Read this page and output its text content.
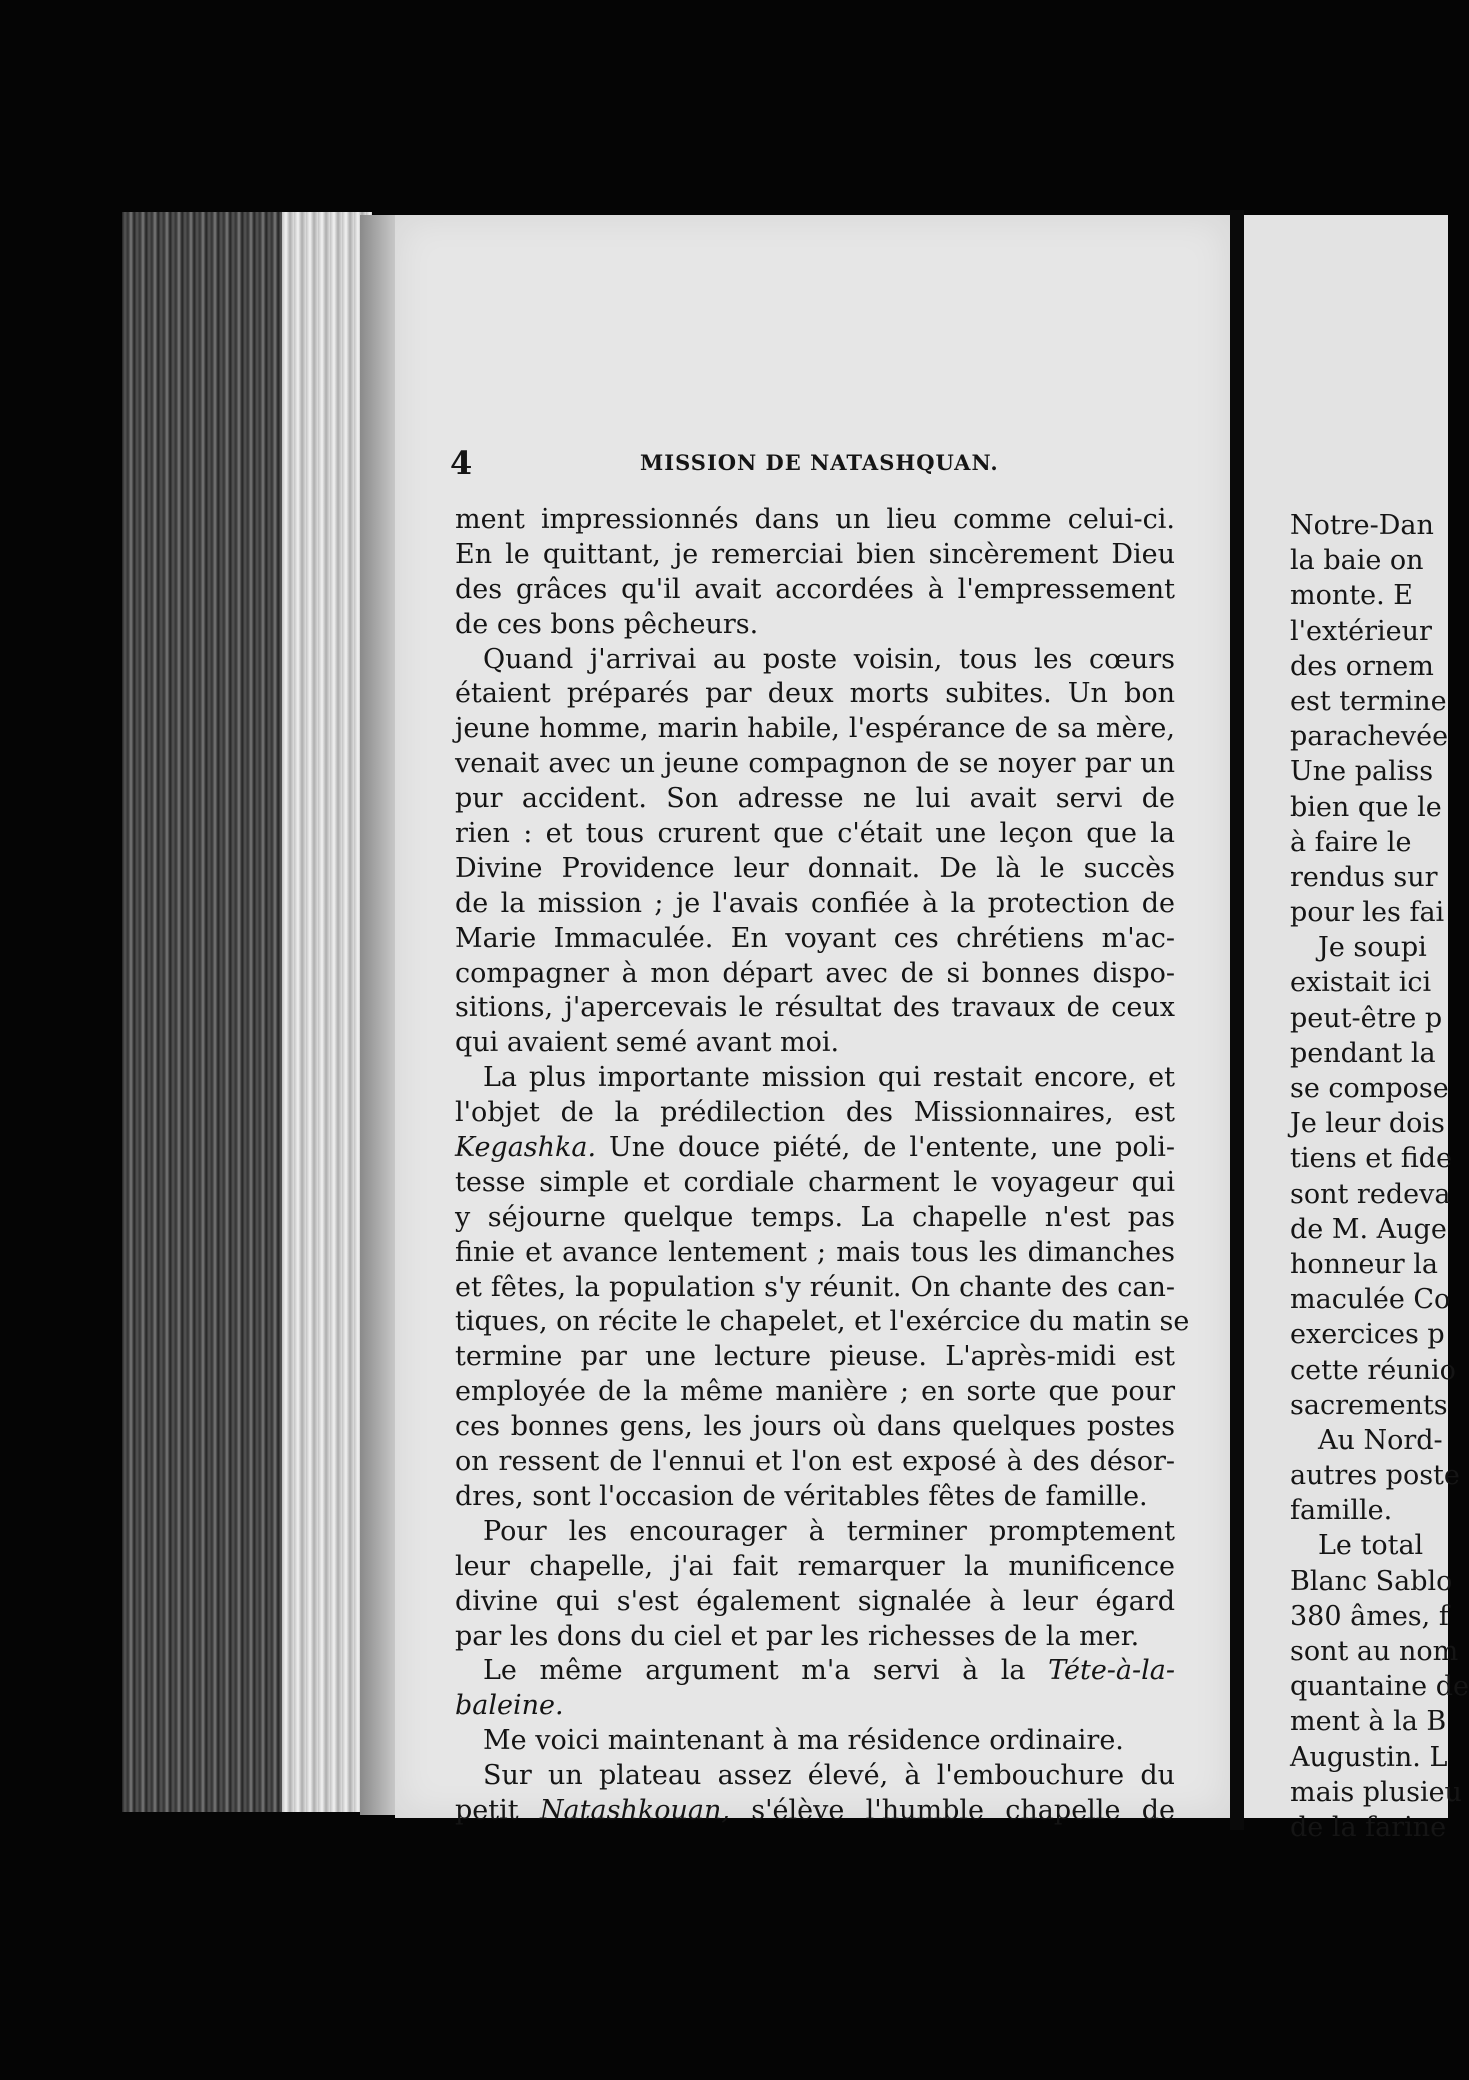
4	MISSION DE NATASHQUAN.
ment impressionnés dans un lieu comme celui-ci.
En le quittant, je remerciai bien sincèrement Dieu
des grâces qu'il avait accordées à l'empressement
de ces bons pêcheurs.
Quand j'arrivai au poste voisin, tous les cœurs
étaient préparés par deux morts subites. Un bon
jeune homme, marin habile, l'espérance de sa mère,
venait avec un jeune compagnon de se noyer par un
pur accident. Son adresse ne lui avait servi de
rien : et tous crurent que c'était une leçon que la
Divine Providence leur donnait. De là le succès
de la mission ; je l'avais confiée à la protection de
Marie Immaculée. En voyant ces chrétiens m'ac-
compagner à mon départ avec de si bonnes dispo-
sitions, j'apercevais le résultat des travaux de ceux
qui avaient semé avant moi.
La plus importante mission qui restait encore, et
l'objet de la prédilection des Missionnaires, est
Kegashka. Une douce piété, de l'entente, une poli-
tesse simple et cordiale charment le voyageur qui
y séjourne quelque temps. La chapelle n'est pas
finie et avance lentement ; mais tous les dimanches
et fêtes, la population s'y réunit. On chante des can-
tiques, on récite le chapelet, et l'exércice du matin se
termine par une lecture pieuse. L'après-midi est
employée de la même manière ; en sorte que pour
ces bonnes gens, les jours où dans quelques postes
on ressent de l'ennui et l'on est exposé à des désor-
dres, sont l'occasion de véritables fêtes de famille.
Pour les encourager à terminer promptement
leur chapelle, j'ai fait remarquer la munificence
divine qui s'est également signalée à leur égard
par les dons du ciel et par les richesses de la mer.
Le même argument m'a servi à la Téte-à-la-
baleine.
Me voici maintenant à ma résidence ordinaire.
Sur un plateau assez élevé, à l'embouchure du
petit Natashkouan, s'élève l'humble chapelle de
Notre-Dan
la baie on
monte. E
l'extérieur
des ornem
est termine
parachevée
Une paliss
bien que le
à faire le
rendus sur
pour les fai
Je soupi
existait ici
peut-être p
pendant la
se compose
Je leur dois
tiens et fide
sont redeva
de M. Auge
honneur la
maculée Co
exercices p
cette réunio
sacrements
Au Nord-
autres poste
famille.
Le total
Blanc Sablo
380 âmes, f
sont au nom
quantaine de
ment à la B
Augustin. L
mais plusieu
de la farine
